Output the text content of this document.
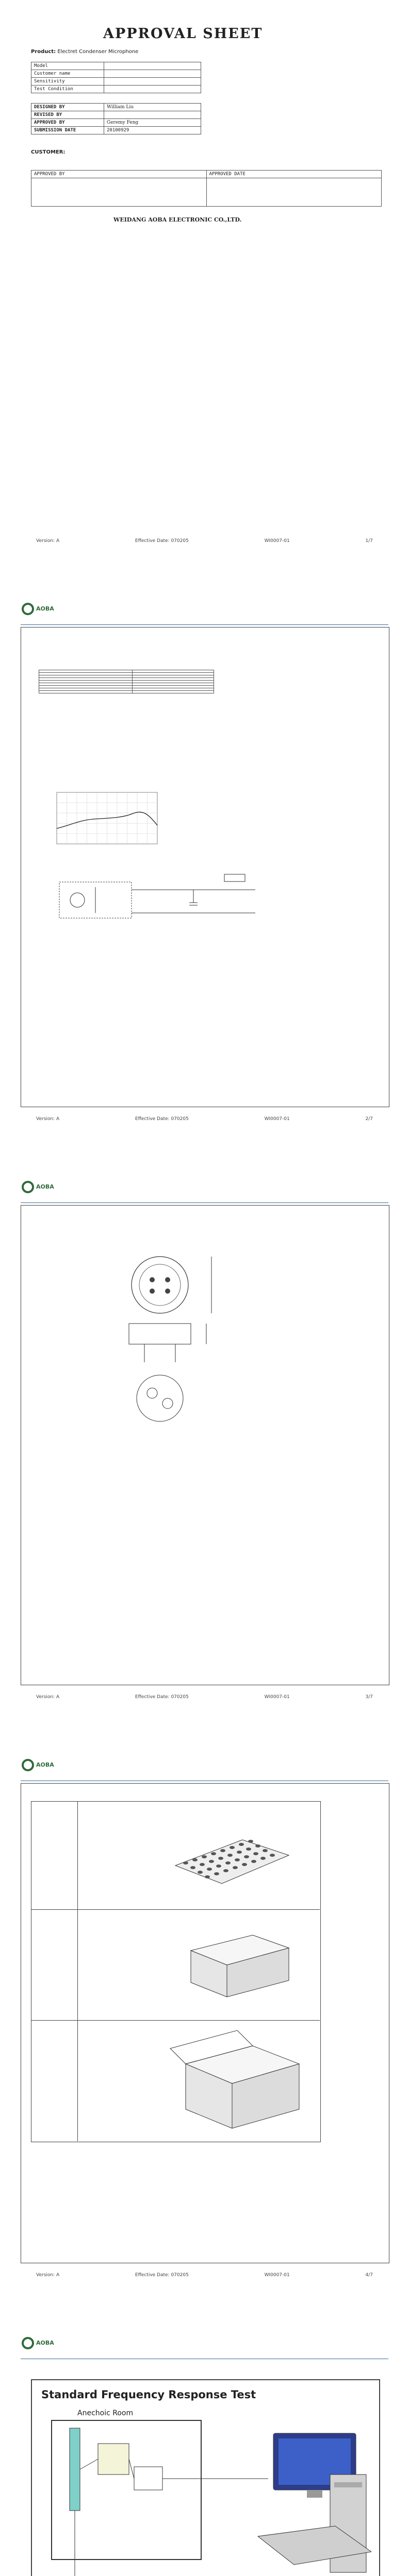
APPROVAL SHEET
Product: Electret Condenser Microphone
Model	
Customer name	
Sensitivity	
Test Condition	
DESIGNED BY	William Liu
REVISED BY	
APPROVED BY	Geremy Feng
SUBMISSION DATE	20100929
CUSTOMER:
APPROVED BY	APPROVED DATE

WEIDANG AOBA ELECTRONIC CO.,LTD.
Version: A	Effective Date: 070205	WI0007-01	1/7
AOBA

Version: A	Effective Date: 070205	WI0007-01	2/7
AOBA
Version: A	Effective Date: 070205	WI0007-01	3/7
AOBA
Version: A	Effective Date: 070205	WI0007-01	4/7
AOBA
Standard Frequency Response Test
Anechoic Room
